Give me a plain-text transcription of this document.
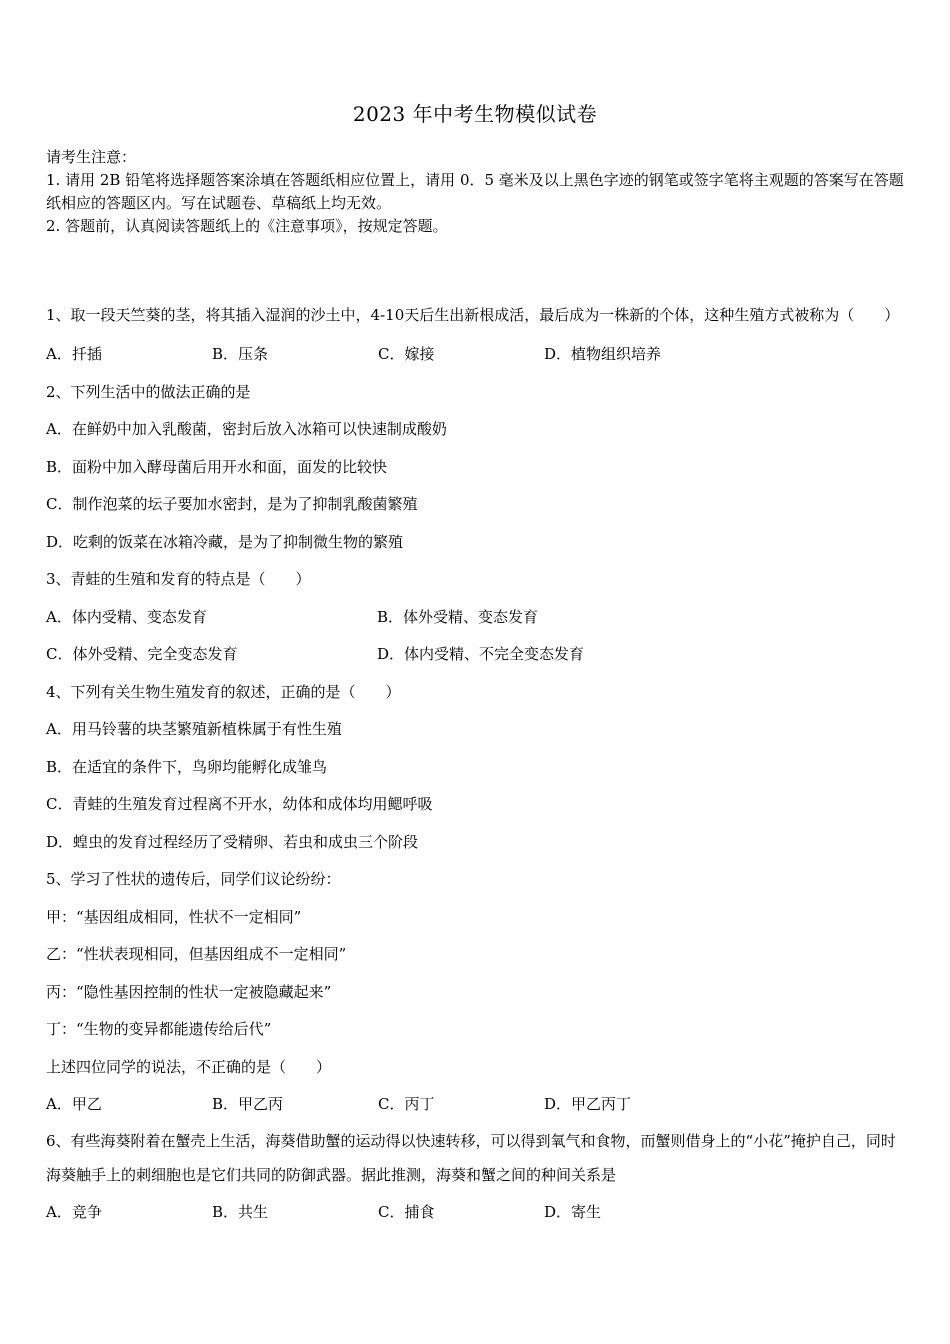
2023 年中考生物模似试卷
请考生注意：
1. 请用 2B 铅笔将选择题答案涂填在答题纸相应位置上，请用 0．5 毫米及以上黑色字迹的钢笔或签字笔将主观题的答案写在答题纸相应的答题区内。写在试题卷、草稿纸上均无效。
2. 答题前，认真阅读答题纸上的《注意事项》，按规定答题。
1、取一段天竺葵的茎，将其插入湿润的沙土中，4-10天后生出新根成活，最后成为一株新的个体，这种生殖方式被称为（　　）
A．扦插	B．压条	C．嫁接	D．植物组织培养
2、下列生活中的做法正确的是
A．在鲜奶中加入乳酸菌，密封后放入冰箱可以快速制成酸奶
B．面粉中加入酵母菌后用开水和面，面发的比较快
C．制作泡菜的坛子要加水密封，是为了抑制乳酸菌繁殖
D．吃剩的饭菜在冰箱冷藏，是为了抑制微生物的繁殖
3、青蛙的生殖和发育的特点是（　　）
A．体内受精、变态发育	B．体外受精、变态发育
C．体外受精、完全变态发育	D．体内受精、不完全变态发育
4、下列有关生物生殖发育的叙述，正确的是（　　）
A．用马铃薯的块茎繁殖新植株属于有性生殖
B．在适宜的条件下，鸟卵均能孵化成雏鸟
C．青蛙的生殖发育过程离不开水，幼体和成体均用鳃呼吸
D．蝗虫的发育过程经历了受精卵、若虫和成虫三个阶段
5、学习了性状的遗传后，同学们议论纷纷：
甲：“基因组成相同，性状不一定相同”
乙：“性状表现相同，但基因组成不一定相同”
丙：“隐性基因控制的性状一定被隐藏起来”
丁：“生物的变异都能遗传给后代”
上述四位同学的说法，不正确的是（　　）
A．甲乙	B．甲乙丙	C．丙丁	D．甲乙丙丁
6、有些海葵附着在蟹壳上生活，海葵借助蟹的运动得以快速转移，可以得到氧气和食物，而蟹则借身上的“小花”掩护自己，同时海葵触手上的刺细胞也是它们共同的防御武器。据此推测，海葵和蟹之间的种间关系是
A．竞争	B．共生	C．捕食	D．寄生
